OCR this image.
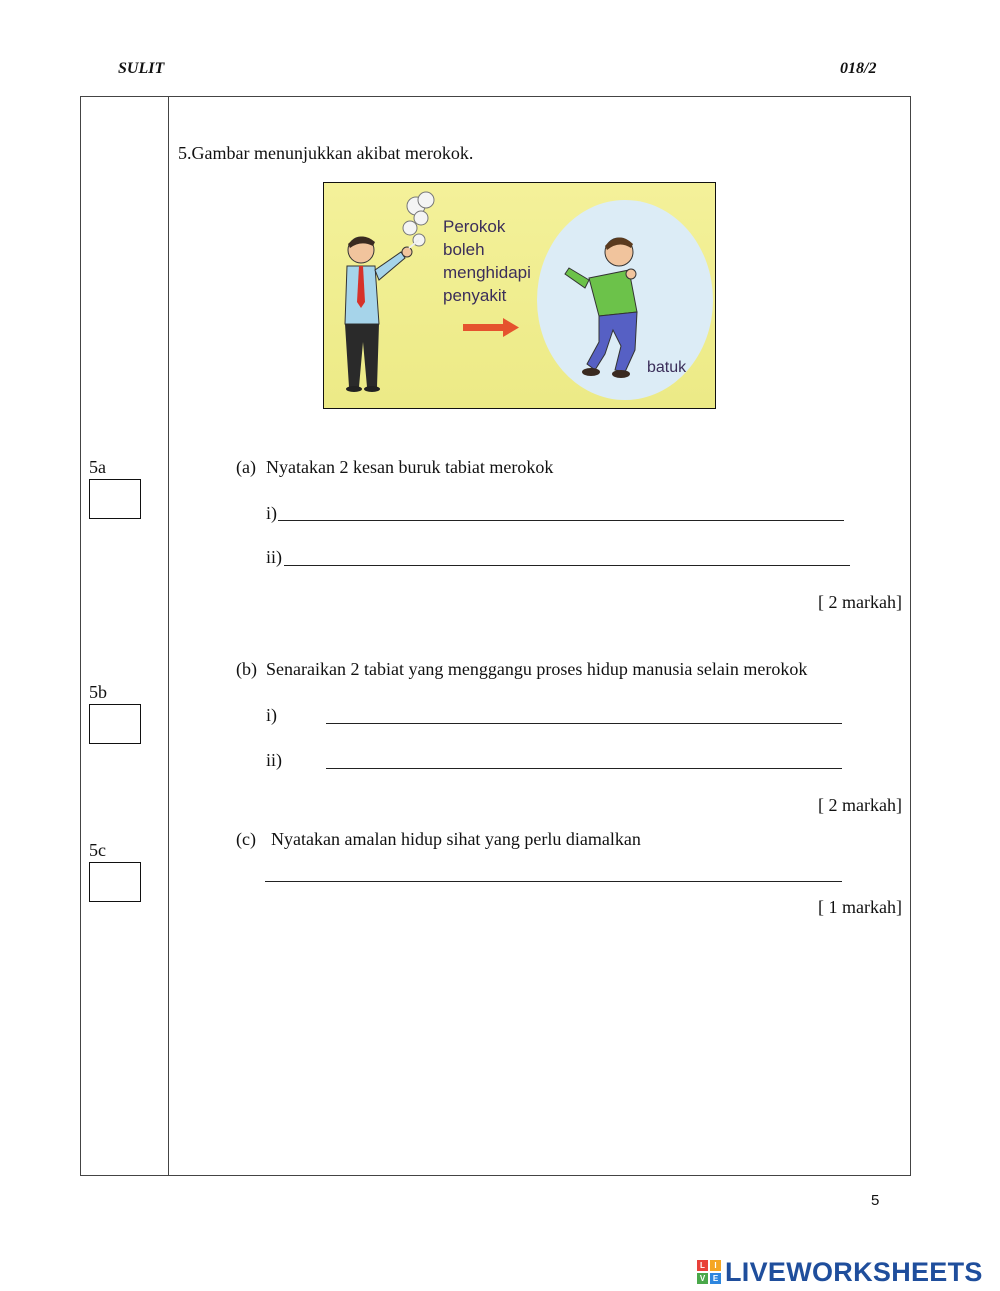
SULIT	018/2
5.Gambar menunjukkan akibat merokok.
Perokok
boleh
menghidapi
penyakit
batuk
5a	(a) Nyatakan 2 kesan buruk tabiat merokok
i)
ii)
[ 2 markah]
(b) Senaraikan 2 tabiat yang menggangu proses hidup manusia selain merokok
5b
i)
ii)
[ 2 markah]
(c) Nyatakan amalan hidup sihat yang perlu diamalkan
5c
[ 1 markah]
5
L	I
V E LIVEWORKSHEETS
